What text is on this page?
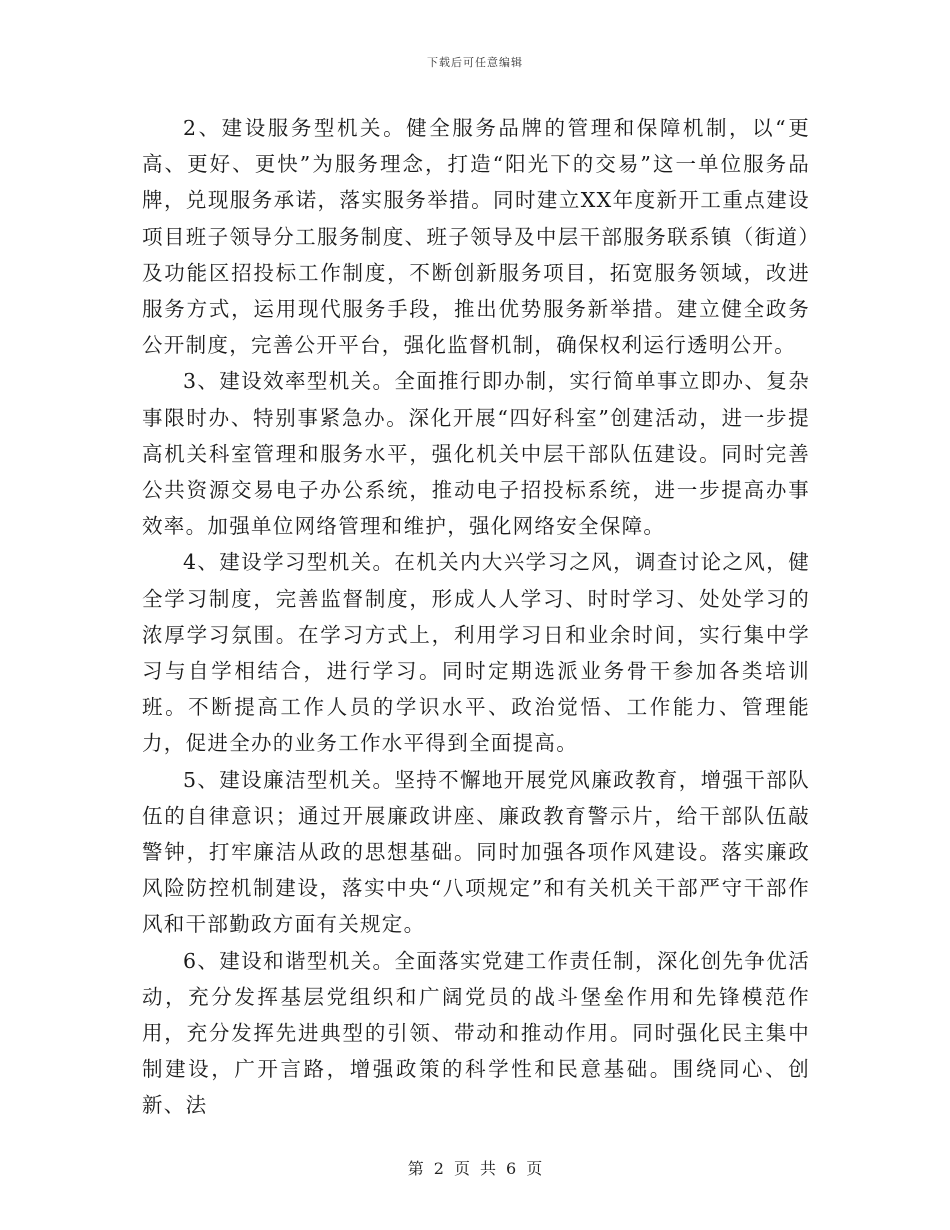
下载后可任意编辑

2、建设服务型机关。健全服务品牌的管理和保障机制，以“更高、更好、更快”为服务理念，打造“阳光下的交易”这一单位服务品牌，兑现服务承诺，落实服务举措。同时建立XX年度新开工重点建设项目班子领导分工服务制度、班子领导及中层干部服务联系镇（街道）及功能区招投标工作制度，不断创新服务项目，拓宽服务领域，改进服务方式，运用现代服务手段，推出优势服务新举措。建立健全政务公开制度，完善公开平台，强化监督机制，确保权利运行透明公开。

3、建设效率型机关。全面推行即办制，实行简单事立即办、复杂事限时办、特别事紧急办。深化开展“四好科室”创建活动，进一步提高机关科室管理和服务水平，强化机关中层干部队伍建设。同时完善公共资源交易电子办公系统，推动电子招投标系统，进一步提高办事效率。加强单位网络管理和维护，强化网络安全保障。

4、建设学习型机关。在机关内大兴学习之风，调查讨论之风，健全学习制度，完善监督制度，形成人人学习、时时学习、处处学习的浓厚学习氛围。在学习方式上，利用学习日和业余时间，实行集中学习与自学相结合，进行学习。同时定期选派业务骨干参加各类培训班。不断提高工作人员的学识水平、政治觉悟、工作能力、管理能力，促进全办的业务工作水平得到全面提高。

5、建设廉洁型机关。坚持不懈地开展党风廉政教育，增强干部队伍的自律意识；通过开展廉政讲座、廉政教育警示片，给干部队伍敲警钟，打牢廉洁从政的思想基础。同时加强各项作风建设。落实廉政风险防控机制建设，落实中央“八项规定”和有关机关干部严守干部作风和干部勤政方面有关规定。

6、建设和谐型机关。全面落实党建工作责任制，深化创先争优活动，充分发挥基层党组织和广阔党员的战斗堡垒作用和先锋模范作用，充分发挥先进典型的引领、带动和推动作用。同时强化民主集中制建设，广开言路，增强政策的科学性和民意基础。围绕同心、创新、法

第 2 页 共 6 页
